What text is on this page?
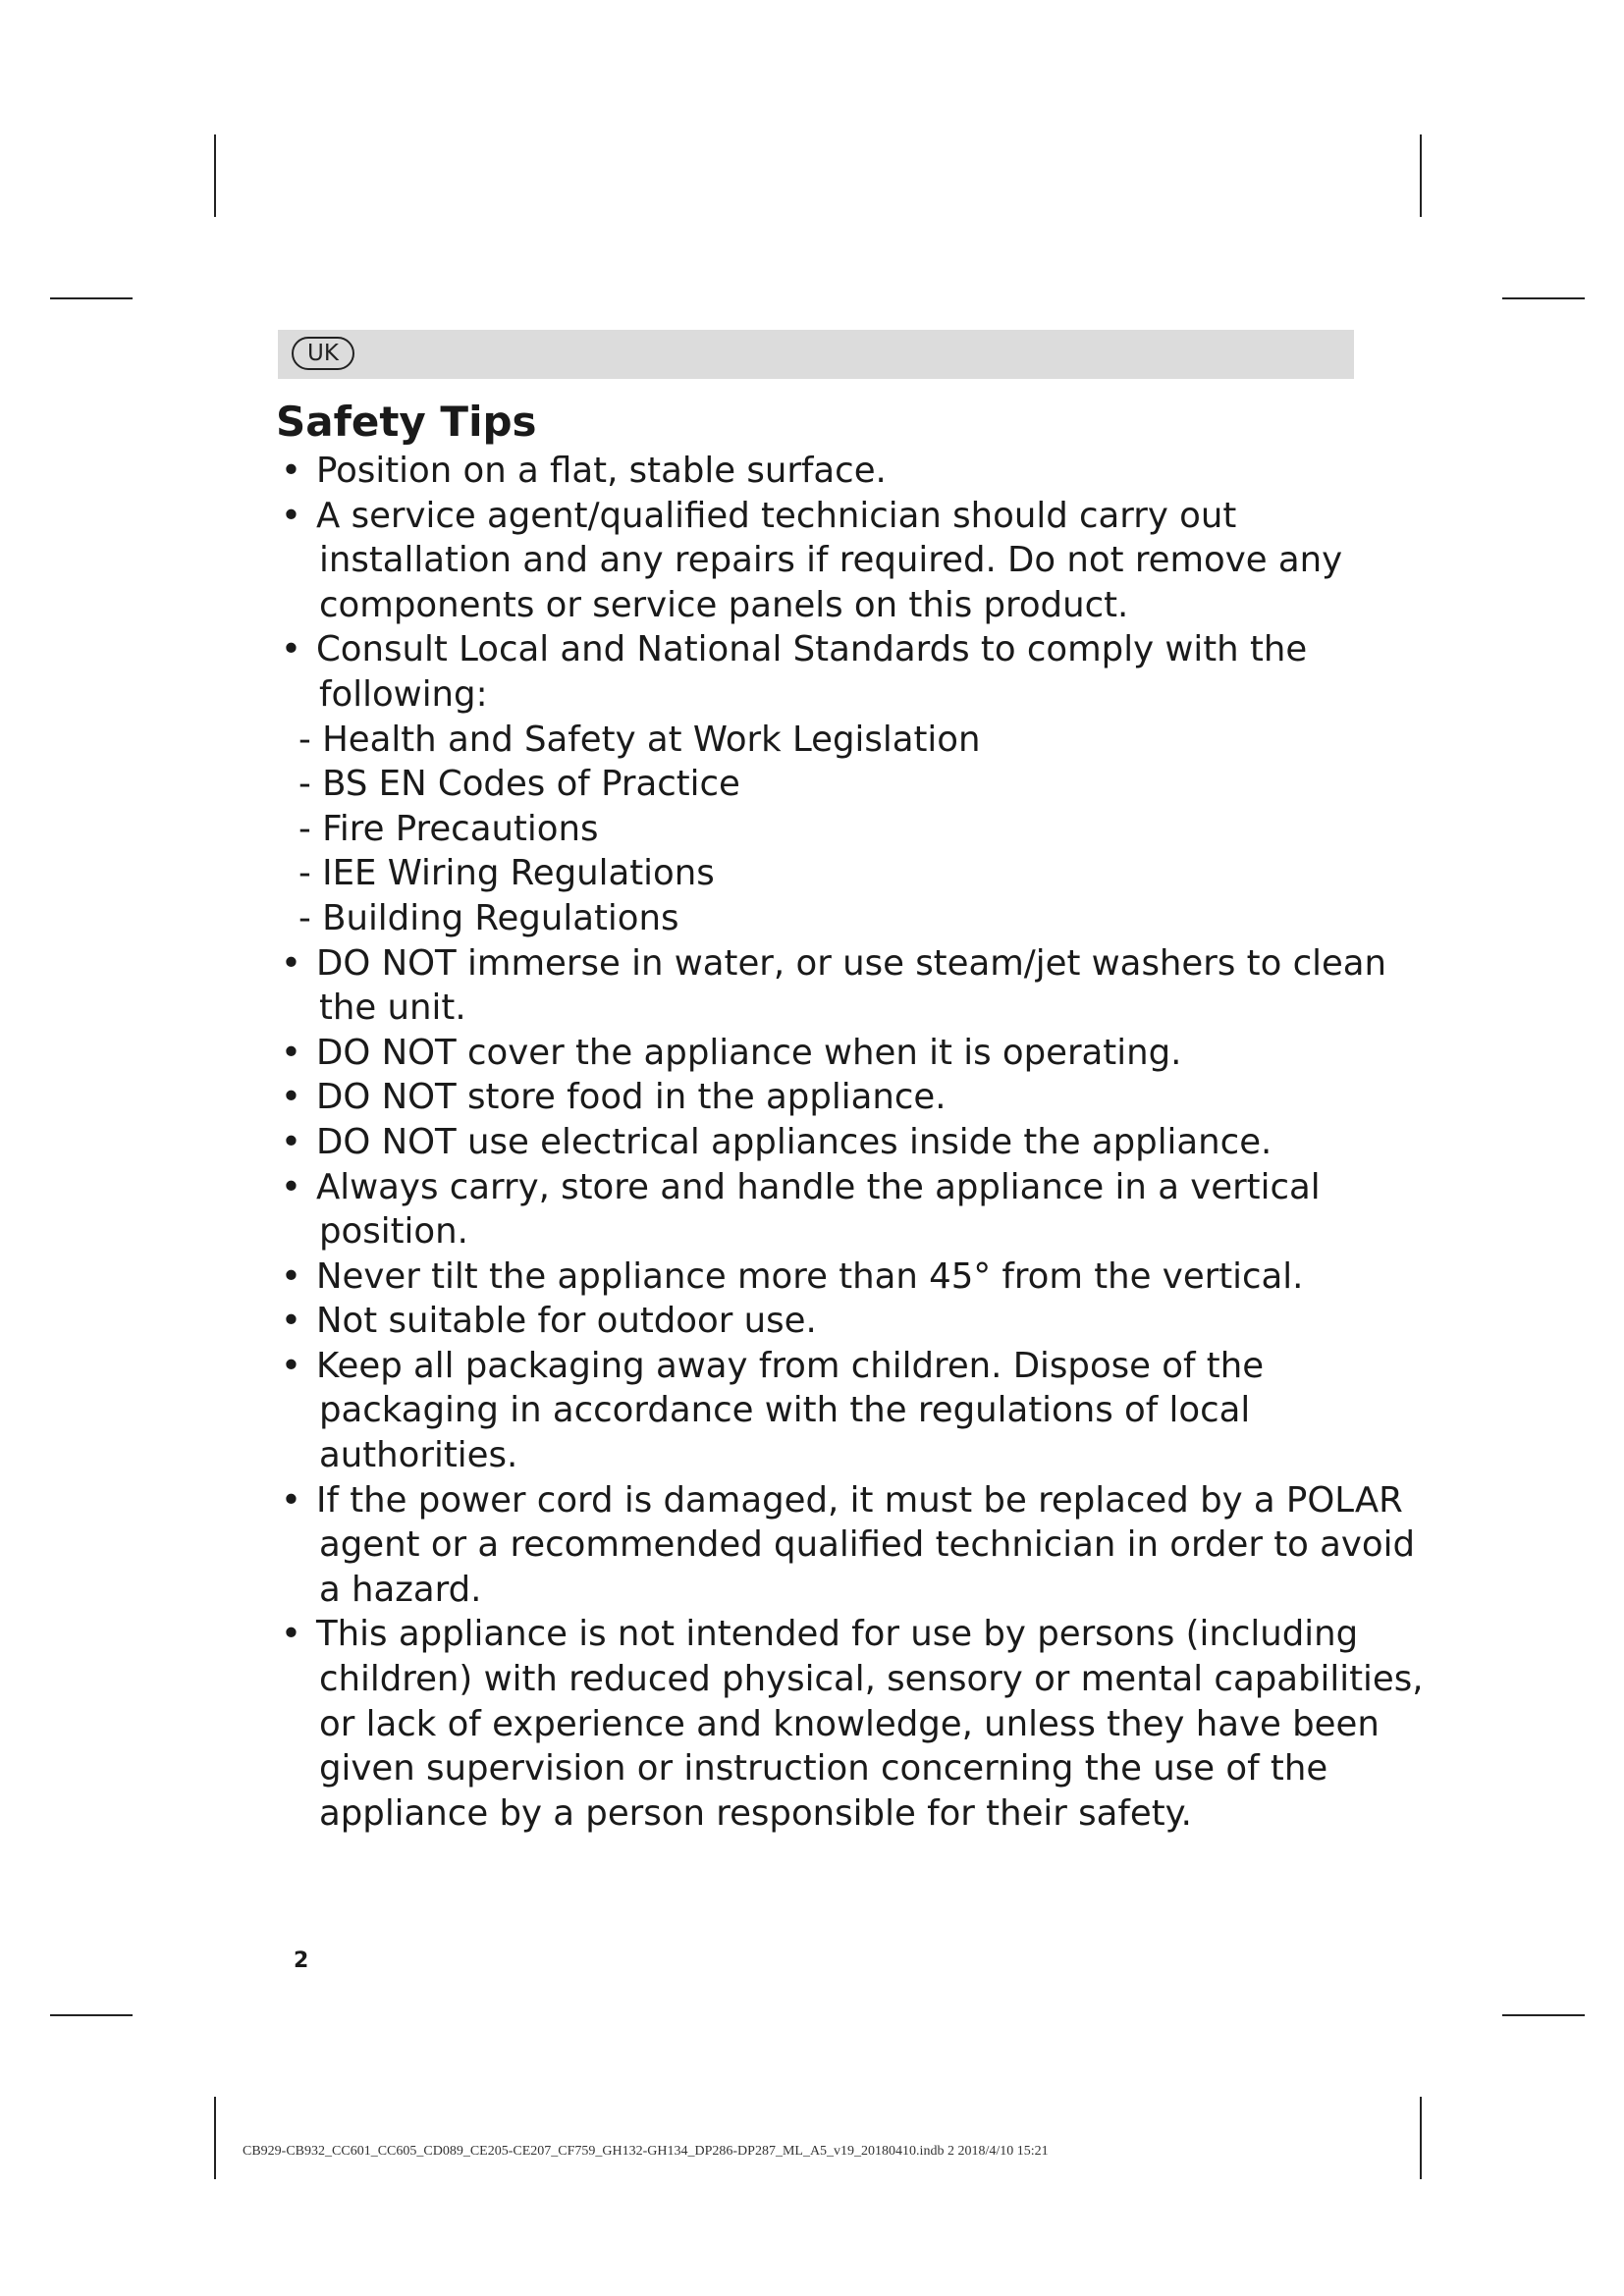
UK
Safety Tips
• Position on a flat, stable surface.
• A service agent/qualified technician should carry out
installation and any repairs if required. Do not remove any
components or service panels on this product.
• Consult Local and National Standards to comply with the
following:
- Health and Safety at Work Legislation
- BS EN Codes of Practice
- Fire Precautions
- IEE Wiring Regulations
- Building Regulations
• DO NOT immerse in water, or use steam/jet washers to clean
the unit.
• DO NOT cover the appliance when it is operating.
• DO NOT store food in the appliance.
• DO NOT use electrical appliances inside the appliance.
• Always carry, store and handle the appliance in a vertical
position.
• Never tilt the appliance more than 45° from the vertical.
• Not suitable for outdoor use.
• Keep all packaging away from children. Dispose of the
packaging in accordance with the regulations of local
authorities.
• If the power cord is damaged, it must be replaced by a POLAR
agent or a recommended qualified technician in order to avoid
a hazard.
• This appliance is not intended for use by persons (including
children) with reduced physical, sensory or mental capabilities,
or lack of experience and knowledge, unless they have been
given supervision or instruction concerning the use of the
appliance by a person responsible for their safety.
2
CB929-CB932_CC601_CC605_CD089_CE205-CE207_CF759_GH132-GH134_DP286-DP287_ML_A5_v19_20180410.indb 2 2018/4/10 15:21
